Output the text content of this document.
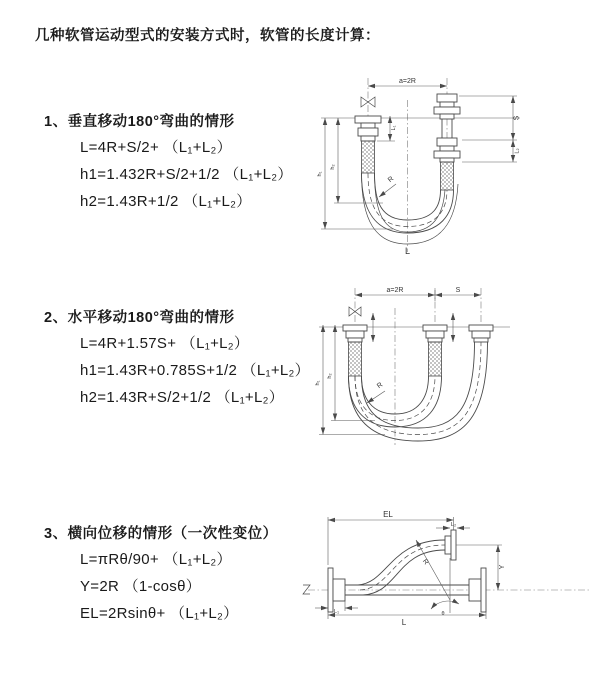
几种软管运动型式的安装方式时，软管的长度计算：
1、垂直移动180°弯曲的情形
L=4R+S/2+ （L₁+L₂）
h1=1.432R+S/2+1/2 （L₁+L₂）
h2=1.43R+1/2 （L₁+L₂）
2、水平移动180°弯曲的情形
L=4R+1.57S+ （L₁+L₂）
h1=1.43R+0.785S+1/2 （L₁+L₂）
h2=1.43R+S/2+1/2 （L₁+L₂）
3、横向位移的情形（一次性变位）
L=πRθ/90+ （L₁+L₂）
Y=2R （1-cosθ）
EL=2Rsinθ+ （L₁+L₂）
a=2R
L₁
S
L₂
R
L
h₁
h₂
a=2R	S
R
h₁
h₂
EL
L₂
Y
L
L₁
R
θ
